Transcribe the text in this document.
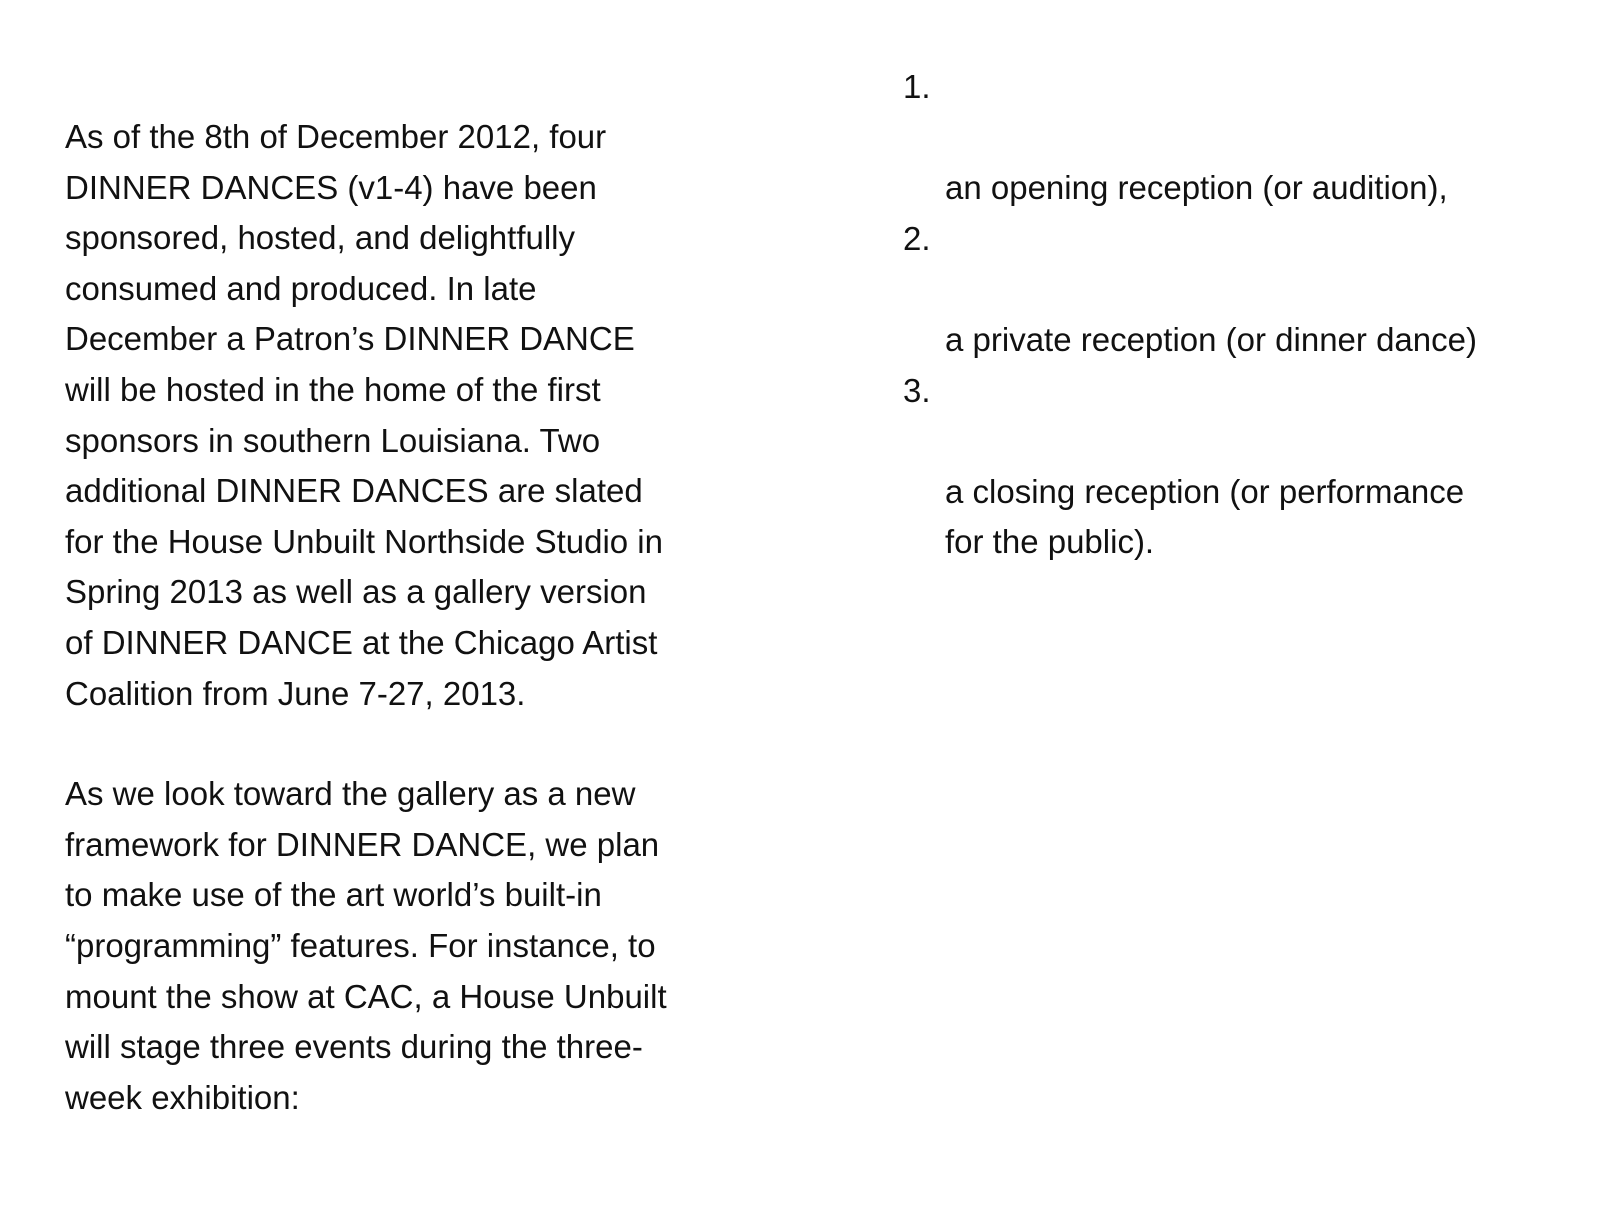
As of the 8th of December 2012, four
DINNER DANCES (v1-4) have been
sponsored, hosted, and delightfully
consumed and produced. In late
December a Patron’s DINNER DANCE
will be hosted in the home of the first
sponsors in southern Louisiana. Two
additional DINNER DANCES are slated
for the House Unbuilt Northside Studio in
Spring 2013 as well as a gallery version
of DINNER DANCE at the Chicago Artist
Coalition from June 7-27, 2013.

As we look toward the gallery as a new
framework for DINNER DANCE, we plan
to make use of the art world’s built-in
“programming” features. For instance, to
mount the show at CAC, a House Unbuilt
will stage three events during the three-
week exhibition:

1.

an opening reception (or audition),

2.

a private reception (or dinner dance)

3.

a closing reception (or performance
for the public).
